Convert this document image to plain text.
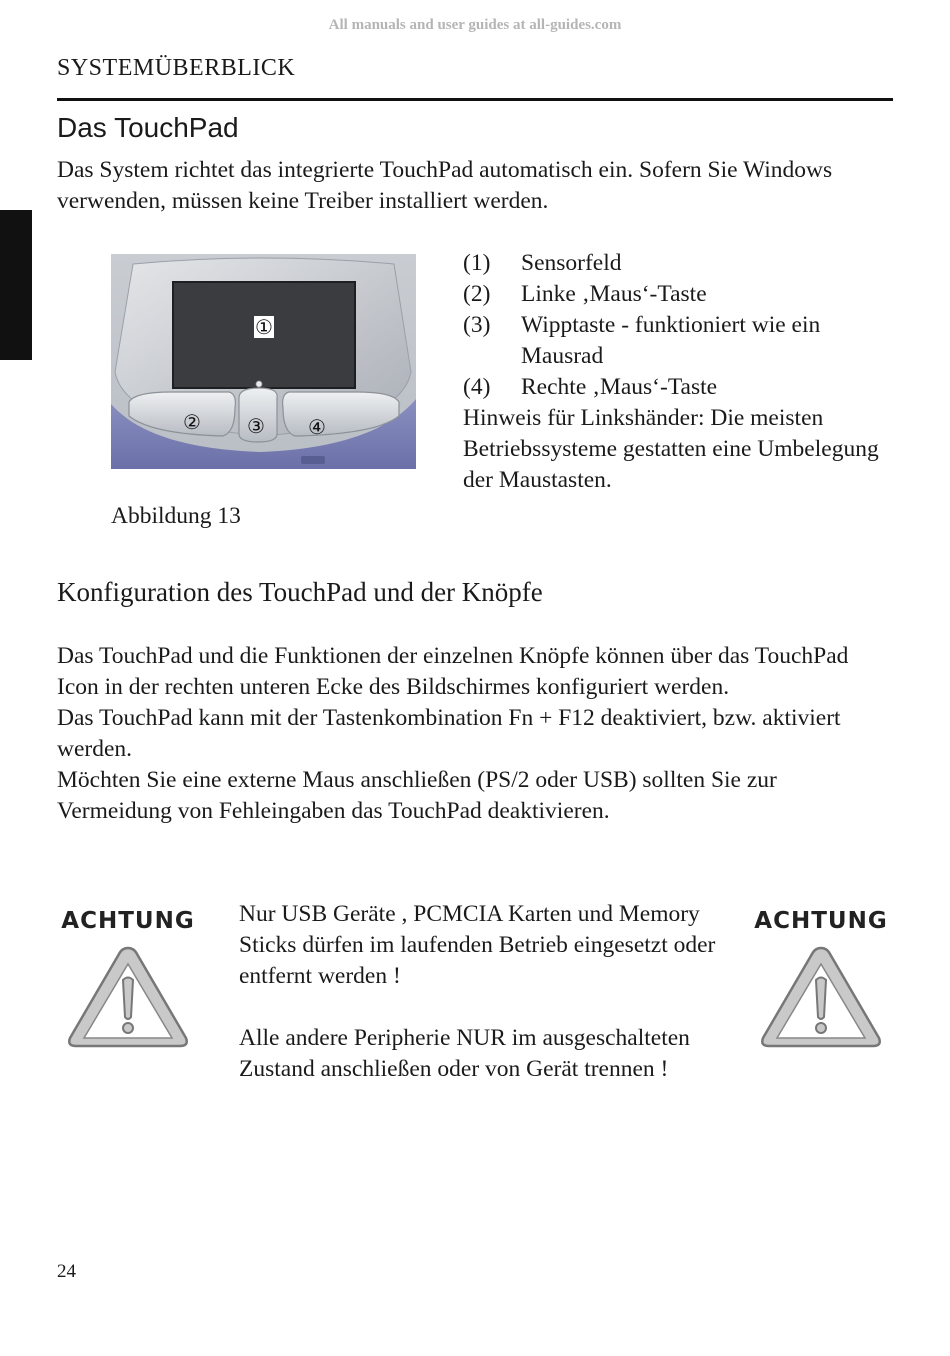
All manuals and user guides at all-guides.com
SYSTEMÜBERBLICK
Das TouchPad
Das System richtet das integrierte TouchPad automatisch ein. Sofern Sie Windows verwenden, müssen keine Treiber installiert werden.
①
② ③ ④
Abbildung 13
(1)	Sensorfeld
(2)	Linke ‚Maus‘-Taste
(3)	Wipptaste - funktioniert wie ein Mausrad
(4)	Rechte ‚Maus‘-Taste
Hinweis für Linkshänder: Die meisten Betriebssysteme gestatten eine Umbelegung der Maustasten.
Konfiguration des TouchPad und der Knöpfe

Das TouchPad und die Funktionen der einzelnen Knöpfe können über das TouchPad Icon in der rechten unteren Ecke des Bildschirmes konfiguriert werden.

Das TouchPad kann mit der Tastenkombination Fn + F12 deaktiviert, bzw. aktiviert werden.

Möchten Sie eine externe Maus anschließen (PS/2 oder USB) sollten Sie zur Vermeidung von Fehleingaben das TouchPad deaktivieren.

ACHTUNG	Nur USB Geräte , PCMCIA Karten und Memory Sticks dürfen im laufenden Betrieb eingesetzt oder entfernt werden !

Alle andere Peripherie NUR im ausgeschalteten Zustand anschließen oder von Gerät trennen !

ACHTUNG
24
